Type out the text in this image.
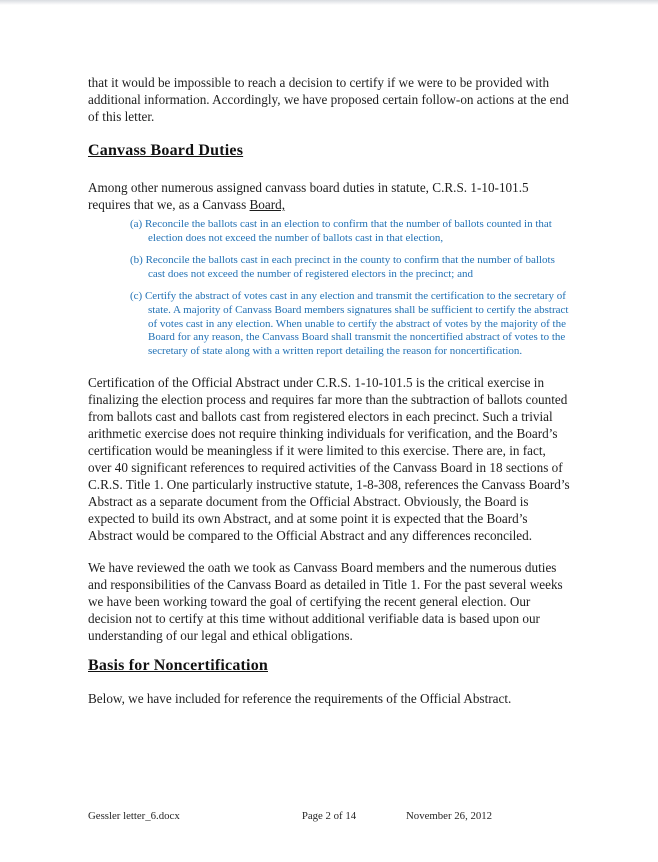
that it would be impossible to reach a decision to certify if we were to be provided with additional information. Accordingly, we have proposed certain follow-on actions at the end of this letter.

Canvass Board Duties

Among other numerous assigned canvass board duties in statute, C.R.S. 1-10-101.5 requires that we, as a Canvass Board,

(a) Reconcile the ballots cast in an election to confirm that the number of ballots counted in that election does not exceed the number of ballots cast in that election,
(b) Reconcile the ballots cast in each precinct in the county to confirm that the number of ballots cast does not exceed the number of registered electors in the precinct; and
(c) Certify the abstract of votes cast in any election and transmit the certification to the secretary of state. A majority of Canvass Board members signatures shall be sufficient to certify the abstract of votes cast in any election. When unable to certify the abstract of votes by the majority of the Board for any reason, the Canvass Board shall transmit the noncertified abstract of votes to the secretary of state along with a written report detailing the reason for noncertification.

Certification of the Official Abstract under C.R.S. 1-10-101.5 is the critical exercise in finalizing the election process and requires far more than the subtraction of ballots counted from ballots cast and ballots cast from registered electors in each precinct. Such a trivial arithmetic exercise does not require thinking individuals for verification, and the Board’s certification would be meaningless if it were limited to this exercise. There are, in fact, over 40 significant references to required activities of the Canvass Board in 18 sections of C.R.S. Title 1. One particularly instructive statute, 1-8-308, references the Canvass Board’s Abstract as a separate document from the Official Abstract. Obviously, the Board is expected to build its own Abstract, and at some point it is expected that the Board’s Abstract would be compared to the Official Abstract and any differences reconciled.

We have reviewed the oath we took as Canvass Board members and the numerous duties and responsibilities of the Canvass Board as detailed in Title 1. For the past several weeks we have been working toward the goal of certifying the recent general election. Our decision not to certify at this time without additional verifiable data is based upon our understanding of our legal and ethical obligations.

Basis for Noncertification

Below, we have included for reference the requirements of the Official Abstract.

Gessler letter_6.docx	Page 2 of 14	November 26, 2012
